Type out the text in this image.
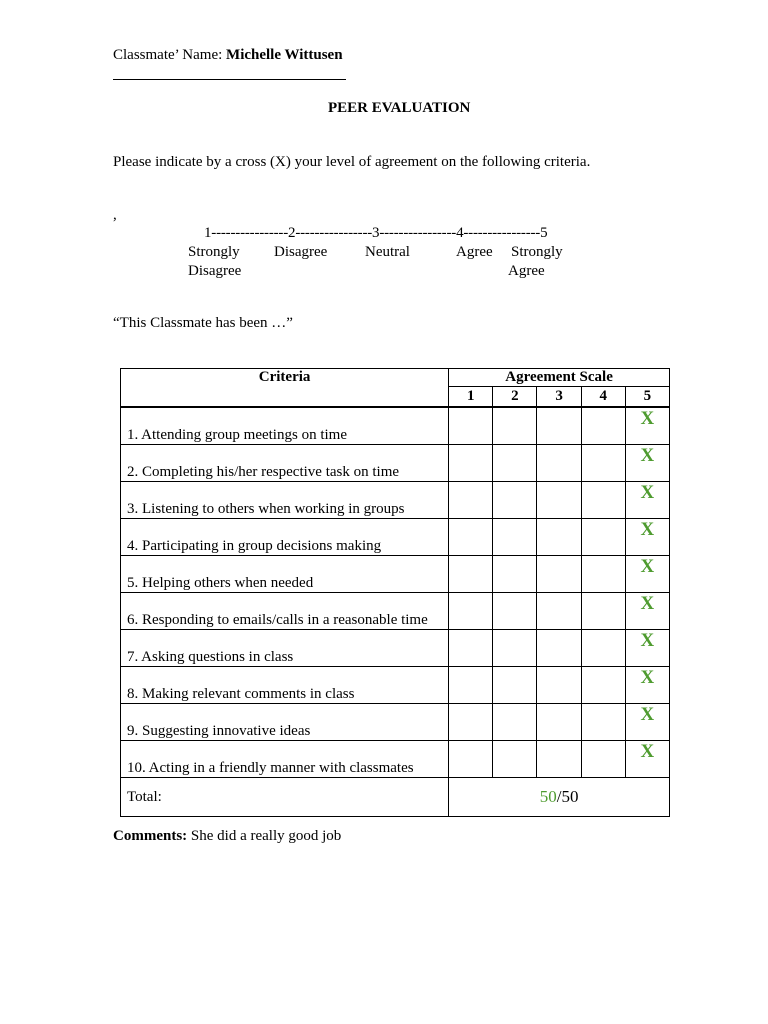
Classmate’ Name: Michelle Wittusen
PEER EVALUATION
Please indicate by a cross (X) your level of agreement on the following criteria.
,
1----------------2----------------3----------------4----------------5
Strongly Disagree	Neutral	Agree Strongly
Disagree	Agree
“This Classmate has been …”
Criteria	Agreement Scale				
	1	2	3	4	5
1. Attending group meetings on time					X

2. Completing his/her respective task on time					X

3. Listening to others when working in groups					X

4. Participating in group decisions making					X

5. Helping others when needed					X

6. Responding to emails/calls in a reasonable time					X

7. Asking questions in class					X

8. Making relevant comments in class					X

9. Suggesting innovative ideas					X

10. Acting in a friendly manner with classmates					X

Total:	50/50				
Comments: She did a really good job
